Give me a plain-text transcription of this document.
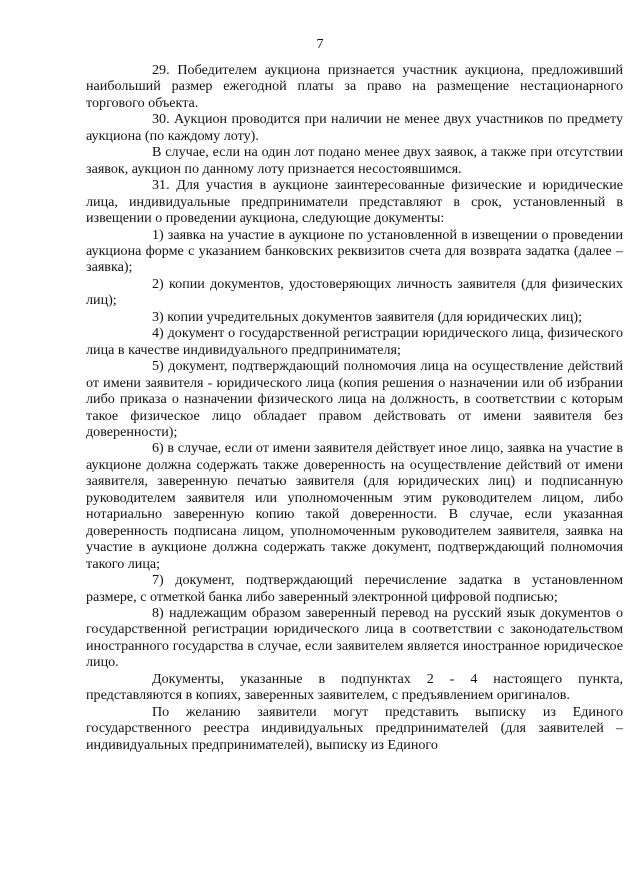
7

29. Победителем аукциона признается участник аукциона, предложивший наибольший размер ежегодной платы за право на размещение нестационарного торгового объекта.

30. Аукцион проводится при наличии не менее двух участников по предмету аукциона (по каждому лоту).

В случае, если на один лот подано менее двух заявок, а также при отсутствии заявок, аукцион по данному лоту признается несостоявшимся.

31. Для участия в аукционе заинтересованные физические и юридические лица, индивидуальные предприниматели представляют в срок, установленный в извещении о проведении аукциона, следующие документы:

1) заявка на участие в аукционе по установленной в извещении о проведении аукциона форме с указанием банковских реквизитов счета для возврата задатка (далее – заявка);

2) копии документов, удостоверяющих личность заявителя (для физических лиц);

3) копии учредительных документов заявителя (для юридических лиц);

4) документ о государственной регистрации юридического лица, физического лица в качестве индивидуального предпринимателя;

5) документ, подтверждающий полномочия лица на осуществление действий от имени заявителя - юридического лица (копия решения о назначении или об избрании либо приказа о назначении физического лица на должность, в соответствии с которым такое физическое лицо обладает правом действовать от имени заявителя без доверенности);

6) в случае, если от имени заявителя действует иное лицо, заявка на участие в аукционе должна содержать также доверенность на осуществление действий от имени заявителя, заверенную печатью заявителя (для юридических лиц) и подписанную руководителем заявителя или уполномоченным этим руководителем лицом, либо нотариально заверенную копию такой доверенности. В случае, если указанная доверенность подписана лицом, уполномоченным руководителем заявителя, заявка на участие в аукционе должна содержать также документ, подтверждающий полномочия такого лица;

7) документ, подтверждающий перечисление задатка в установленном размере, с отметкой банка либо заверенный электронной цифровой подписью;

8) надлежащим образом заверенный перевод на русский язык документов о государственной регистрации юридического лица в соответствии с законодательством иностранного государства в случае, если заявителем является иностранное юридическое лицо.

Документы, указанные в подпунктах 2 - 4 настоящего пункта, представляются в копиях, заверенных заявителем, с предъявлением оригиналов.

По желанию заявители могут представить выписку из Единого государственного реестра индивидуальных предпринимателей (для заявителей – индивидуальных предпринимателей), выписку из Единого
